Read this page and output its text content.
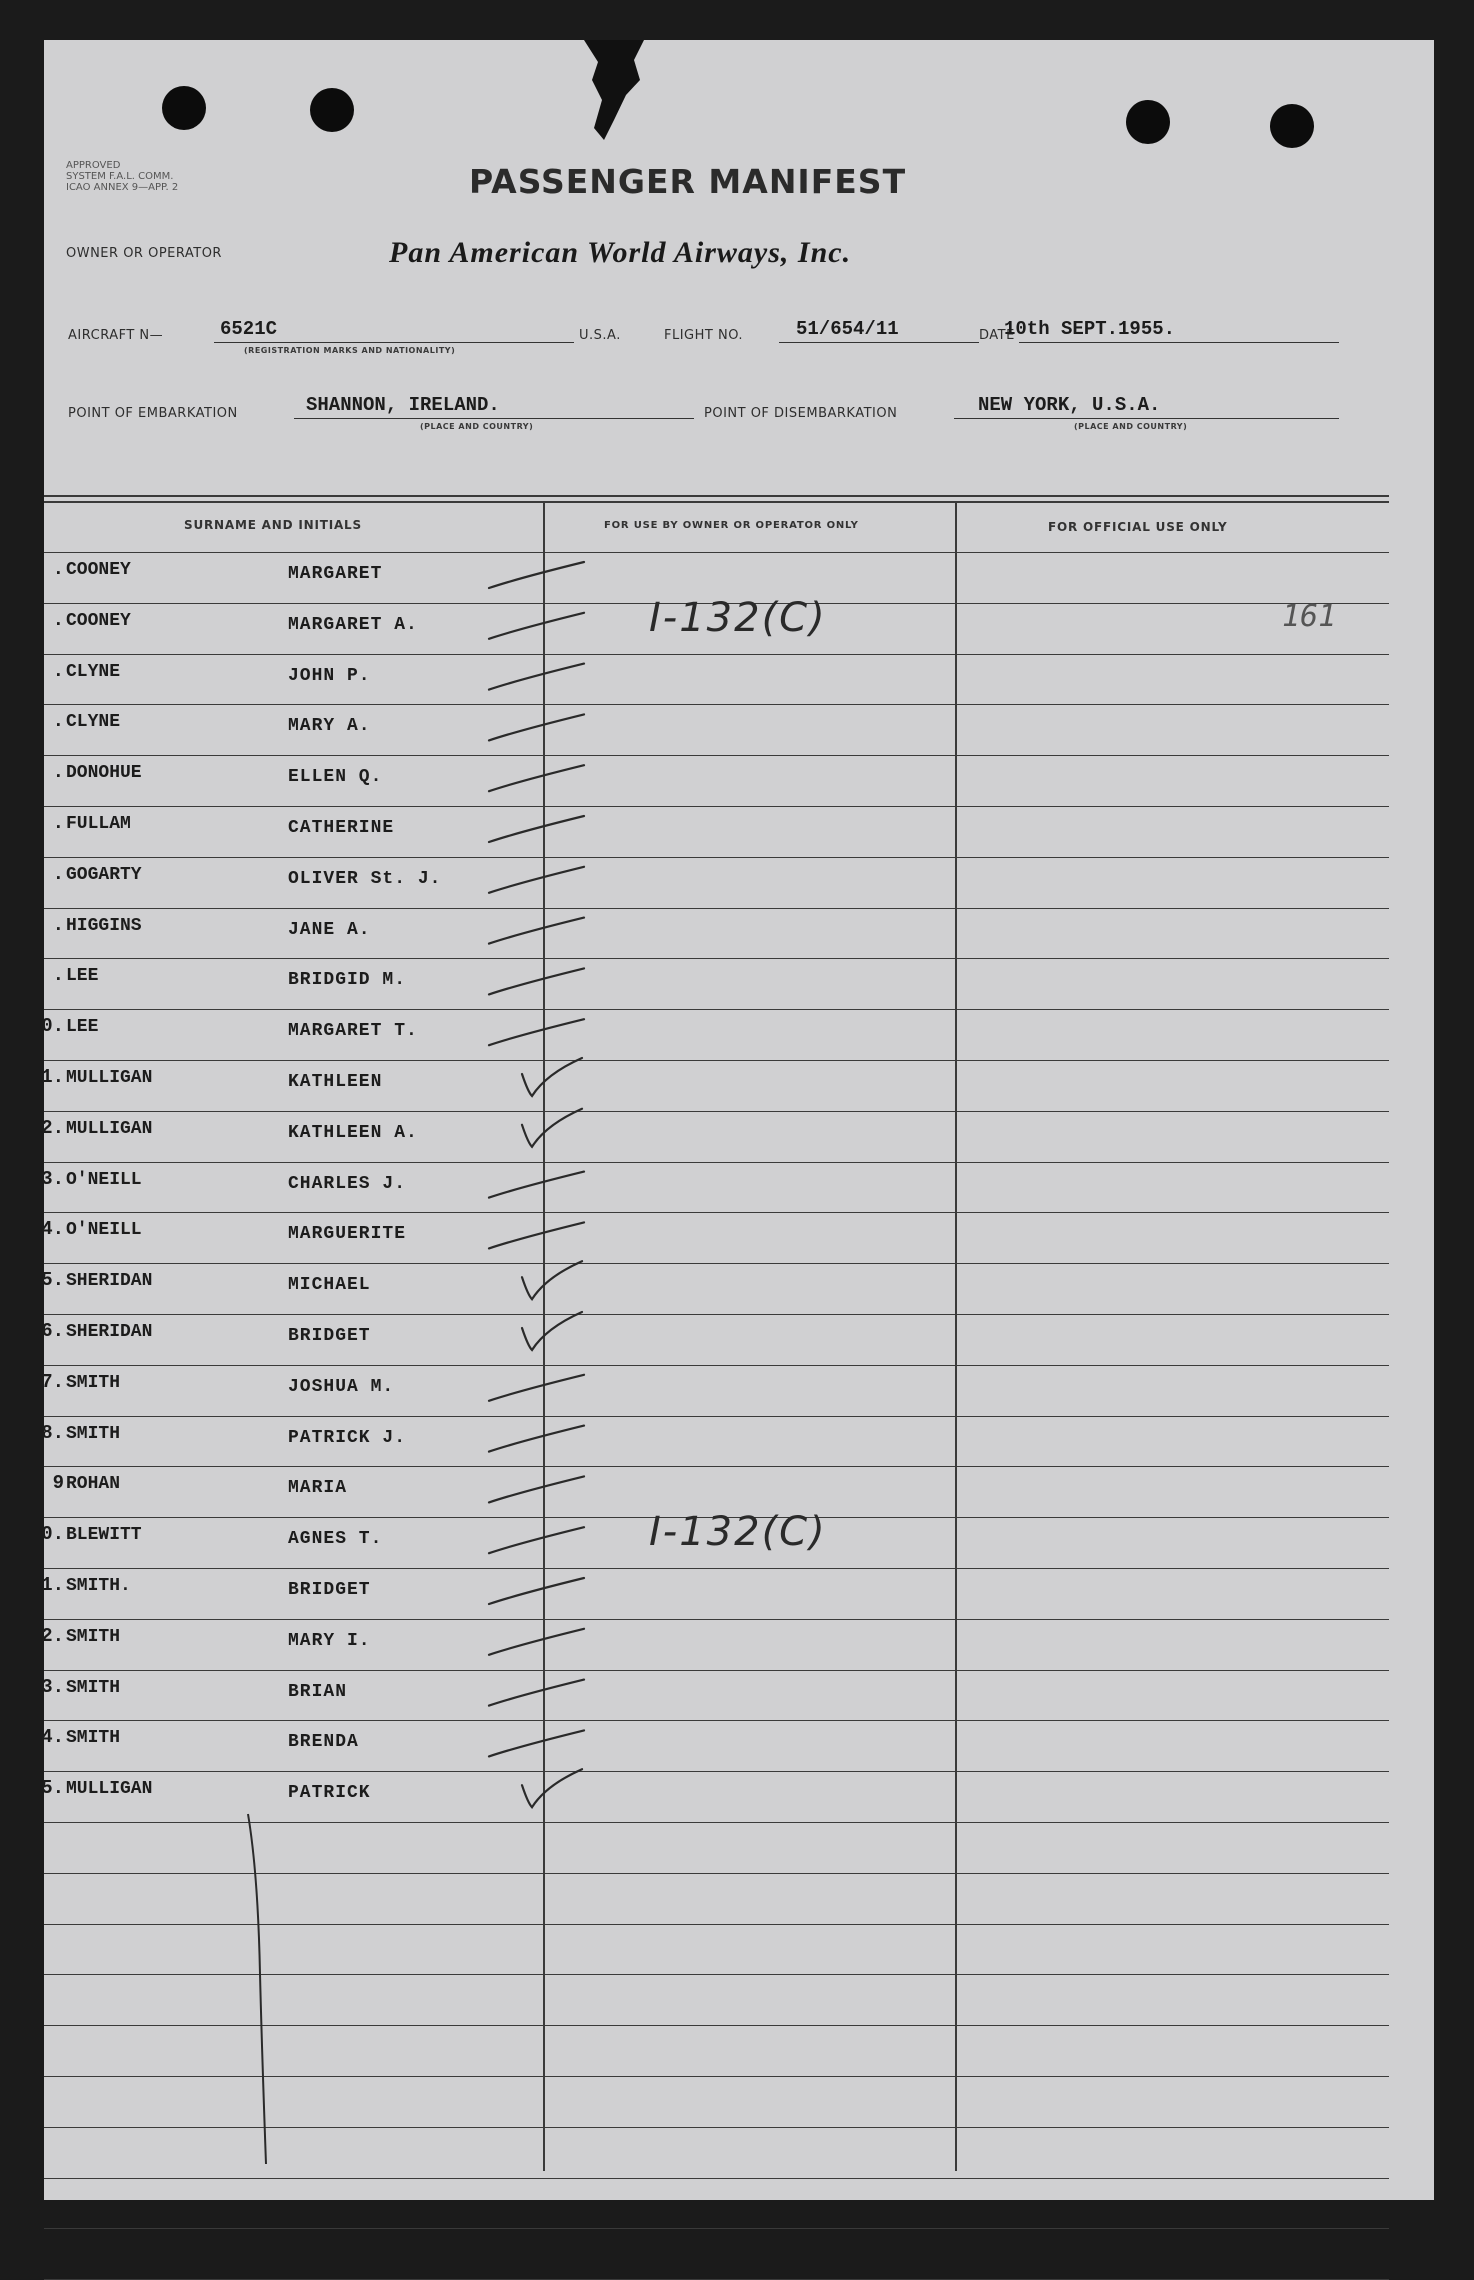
APPROVED
SYSTEM F.A.L. COMM.
ICAO ANNEX 9—APP. 2	PASSENGER MANIFEST
OWNER OR OPERATOR	Pan American World Airways, Inc.
AIRCRAFT N—	6521C
(REGISTRATION MARKS AND NATIONALITY)
U.S.A.	FLIGHT NO.	51/654/11	DATE
10th SEPT.1955.
POINT OF EMBARKATION	SHANNON, IRELAND.
(PLACE AND COUNTRY)
POINT OF DISEMBARKATION	NEW YORK, U.S.A.
(PLACE AND COUNTRY)
SURNAME AND INITIALS	FOR USE BY OWNER OR OPERATOR ONLY	FOR OFFICIAL USE ONLY
. COONEY	MARGARET
. COONEY	MARGARET A.
. CLYNE	JOHN P.
. CLYNE	MARY A.
. DONOHUE	ELLEN Q.
. FULLAM	CATHERINE
. GOGARTY	OLIVER St. J.
. HIGGINS	JANE A.
. LEE	BRIDGID M.
0. LEE	MARGARET T.
1. MULLIGAN	KATHLEEN
2. MULLIGAN	KATHLEEN A.
3. O'NEILL	CHARLES J.
4. O'NEILL	MARGUERITE
5. SHERIDAN	MICHAEL
6. SHERIDAN	BRIDGET
7. SMITH	JOSHUA M.
8. SMITH	PATRICK J.
9 ROHAN	MARIA
0. BLEWITT	AGNES T.
1. SMITH.	BRIDGET
2. SMITH	MARY I.
3. SMITH	BRIAN
4. SMITH	BRENDA
5. MULLIGAN	PATRICK
I-132(C)
I-132(C)
161
